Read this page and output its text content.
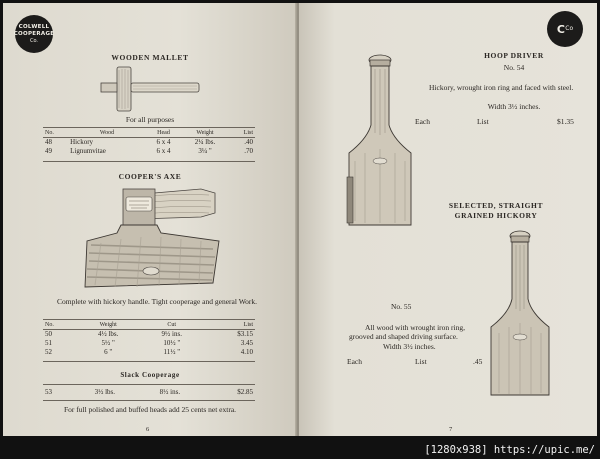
COLWELL
COOPERAGE
Co.
WOODEN MALLET
For all purposes
No.	Wood	Head	Weight	List
48	Hickory	6 x 4	2¼ lbs.	.40
49	Lignumvitae	6 x 4	3¼ "	.70
COOPER'S AXE
Complete with hickory handle. Tight cooperage and general Work.
No.	Weight	Cut	List
50	4½ lbs.	9½ ins.	$3.15
51	5½ "	10½ "	3.45
52	6 "	11½ "	4.10
Slack Cooperage
53	3½ lbs.	8½ ins.	$2.85
For full polished and buffed heads add 25 cents net extra.
6
C Co
HOOP DRIVER
No. 54
Hickory, wrought iron ring and faced with steel.
Width 3½ inches.
Each	List	$1.35
SELECTED, STRAIGHT
GRAINED HICKORY
No. 55
All wood with wrought iron ring, grooved and shaped driving surface.
Width 3½ inches.
Each	List	.45
7
[1280x938] https://upic.me/
